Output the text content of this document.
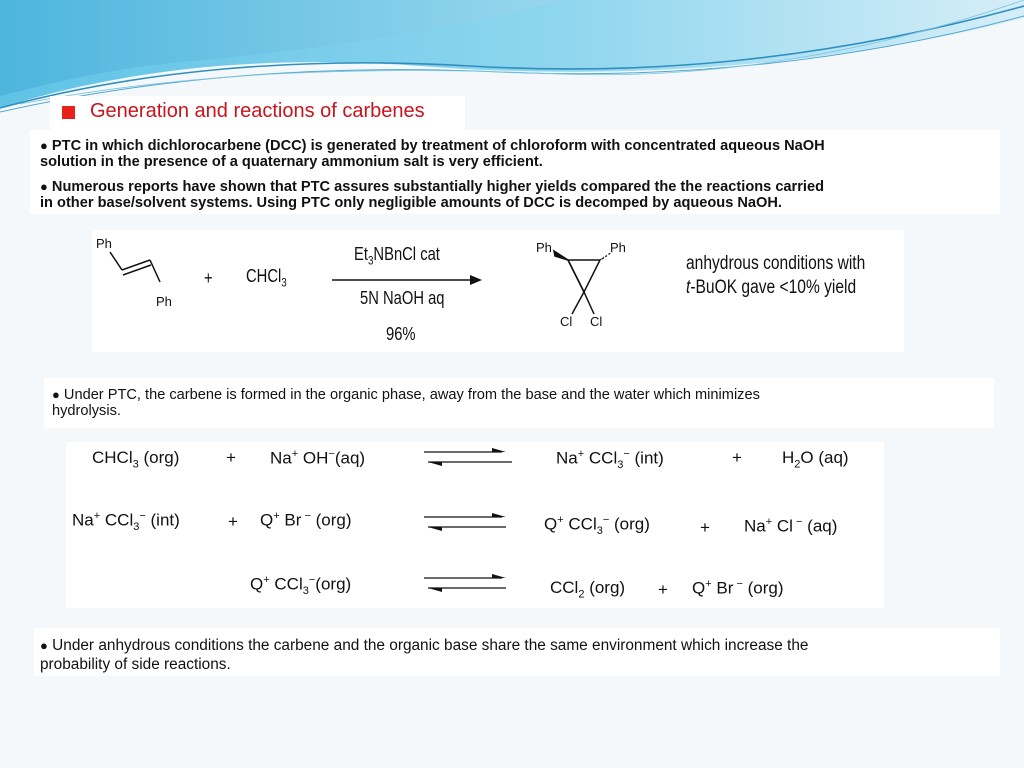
Generation and reactions of carbenes
● PTC in which dichlorocarbene (DCC) is generated by treatment of chloroform with concentrated aqueous NaOH
solution in the presence of a quaternary ammonium salt is very efficient.
● Numerous reports have shown that PTC assures substantially higher yields compared the the reactions carried
in other base/solvent systems. Using PTC only negligible amounts of DCC is decomped by aqueous NaOH.
Ph
Ph
+ CHCl$_3$
$Et_3NBnCl$ cat
5N NaOH aq
96%
Ph	Ph
Cl Cl
anhydrous conditions with
t-BuOK gave <10% yield
● Under PTC, the carbene is formed in the organic phase, away from the base and the water which minimizes
hydrolysis.
CHCl$_3$ (org)	+ Na+ OH−(aq)	Na+ CCl$_3$− (int)	+ $H_2O$ (aq)
Na+ CCl$_3$− (int)	+ Q+ Br − (org)	Q+ CCl$_3$− (org)	+ Na+ Cl − (aq)
Q+ CCl$_3$−(org)	CCl$_2$ (org) + Q+ Br − (org)
● Under anhydrous conditions the carbene and the organic base share the same environment which increase the
probability of side reactions.
